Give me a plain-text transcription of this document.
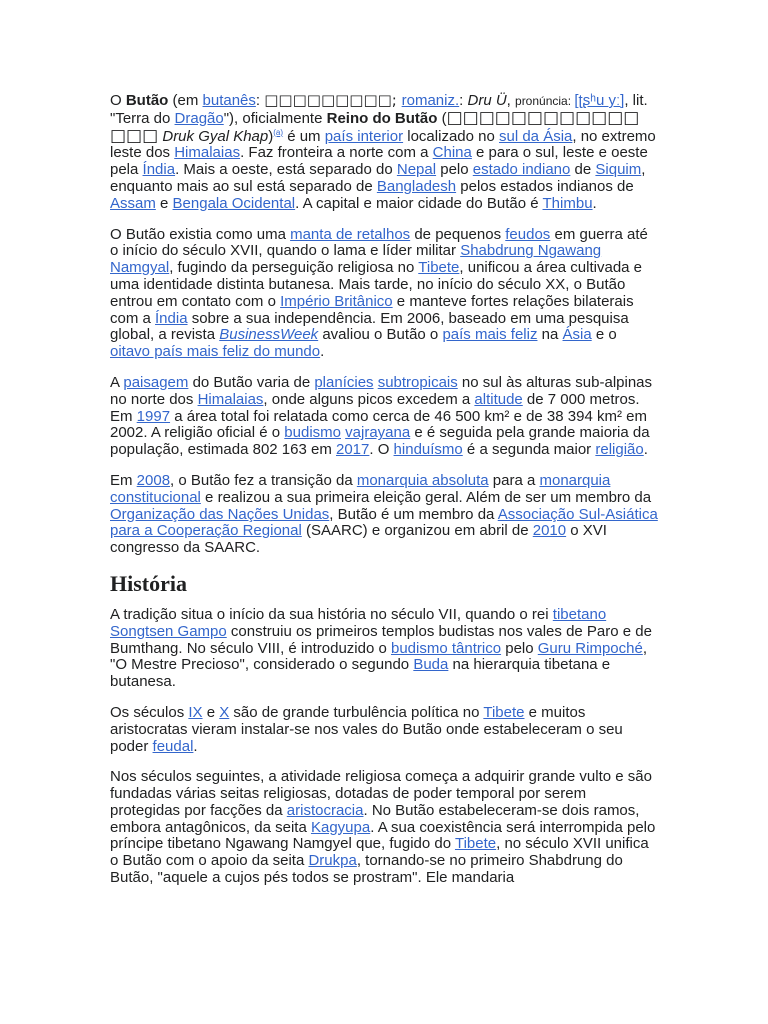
O Butão (em butanês: □□□□□□□□□; romaniz.: Dru Ü, pronúncia: [ʈʂʰu yː], lit. "Terra do Dragão"), oficialmente Reino do Butão (□□□□□□□□□□□□ □□□ Druk Gyal Khap)$^{(a)}$ é um país interior localizado no sul da Ásia, no extremo leste dos Himalaias. Faz fronteira a norte com a China e para o sul, leste e oeste pela Índia. Mais a oeste, está separado do Nepal pelo estado indiano de Siquim, enquanto mais ao sul está separado de Bangladesh pelos estados indianos de Assam e Bengala Ocidental. A capital e maior cidade do Butão é Thimbu.

O Butão existia como uma manta de retalhos de pequenos feudos em guerra até o início do século XVII, quando o lama e líder militar Shabdrung Ngawang Namgyal, fugindo da perseguição religiosa no Tibete, unificou a área cultivada e uma identidade distinta butanesa. Mais tarde, no início do século XX, o Butão entrou em contato com o Império Britânico e manteve fortes relações bilaterais com a Índia sobre a sua independência. Em 2006, baseado em uma pesquisa global, a revista BusinessWeek avaliou o Butão o país mais feliz na Ásia e o oitavo país mais feliz do mundo.

A paisagem do Butão varia de planícies subtropicais no sul às alturas sub-alpinas no norte dos Himalaias, onde alguns picos excedem a altitude de 7 000 metros. Em 1997 a área total foi relatada como cerca de 46 500 km² e de 38 394 km² em 2002. A religião oficial é o budismo vajrayana e é seguida pela grande maioria da população, estimada 802 163 em 2017. O hinduísmo é a segunda maior religião.

Em 2008, o Butão fez a transição da monarquia absoluta para a monarquia constitucional e realizou a sua primeira eleição geral. Além de ser um membro da Organização das Nações Unidas, Butão é um membro da Associação Sul-Asiática para a Cooperação Regional (SAARC) e organizou em abril de 2010 o XVI congresso da SAARC.

História

A tradição situa o início da sua história no século VII, quando o rei tibetano Songtsen Gampo construiu os primeiros templos budistas nos vales de Paro e de Bumthang. No século VIII, é introduzido o budismo tântrico pelo Guru Rimpoché, "O Mestre Precioso", considerado o segundo Buda na hierarquia tibetana e butanesa.

Os séculos IX e X são de grande turbulência política no Tibete e muitos aristocratas vieram instalar-se nos vales do Butão onde estabeleceram o seu poder feudal.

Nos séculos seguintes, a atividade religiosa começa a adquirir grande vulto e são fundadas várias seitas religiosas, dotadas de poder temporal por serem protegidas por facções da aristocracia. No Butão estabeleceram-se dois ramos, embora antagônicos, da seita Kagyupa. A sua coexistência será interrompida pelo príncipe tibetano Ngawang Namgyel que, fugido do Tibete, no século XVII unifica o Butão com o apoio da seita Drukpa, tornando-se no primeiro Shabdrung do Butão, "aquele a cujos pés todos se prostram". Ele mandaria
